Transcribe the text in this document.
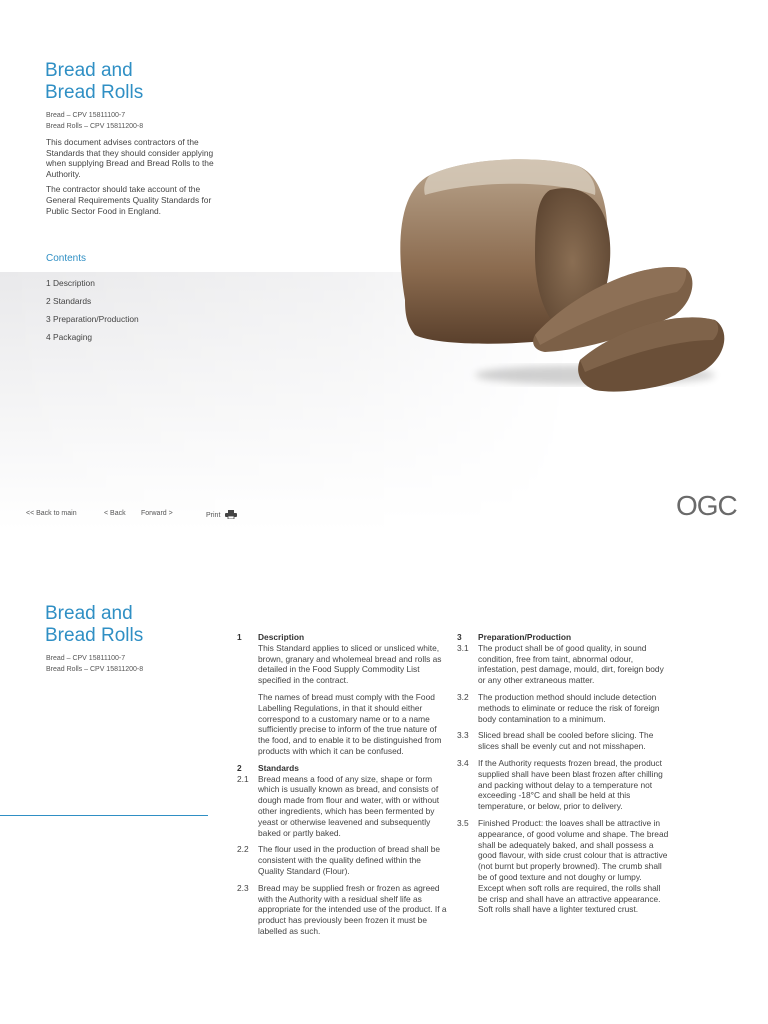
Bread and
Bread Rolls
Bread – CPV 15811100-7
Bread Rolls – CPV 15811200-8

This document advises contractors of the Standards that they should consider applying when supplying Bread and Bread Rolls to the Authority.

The contractor should take account of the General Requirements Quality Standards for Public Sector Food in England.

Contents
1 Description
2 Standards
3 Preparation/Production
4 Packaging
<< Back to main	< Back Forward >	Print	OGC
Bread and
Bread Rolls
Bread – CPV 15811100-7
Bread Rolls – CPV 15811200-8
1	Description
This Standard applies to sliced or unsliced white, brown, granary and wholemeal bread and rolls as detailed in the Food Supply Commodity List specified in the contract.
The names of bread must comply with the Food Labelling Regulations, in that it should either correspond to a customary name or to a name sufficiently precise to inform of the true nature of the food, and to enable it to be distinguished from products with which it can be confused.
2	Standards
2.1	Bread means a food of any size, shape or form which is usually known as bread, and consists of dough made from flour and water, with or without other ingredients, which has been fermented by yeast or otherwise leavened and subsequently baked or partly baked.
2.2	The flour used in the production of bread shall be consistent with the quality defined within the Quality Standard (Flour).
2.3	Bread may be supplied fresh or frozen as agreed with the Authority with a residual shelf life as appropriate for the intended use of the product. If a product has previously been frozen it must be labelled as such.
3	Preparation/Production
3.1	The product shall be of good quality, in sound condition, free from taint, abnormal odour, infestation, pest damage, mould, dirt, foreign body or any other extraneous matter.
3.2	The production method should include detection methods to eliminate or reduce the risk of foreign body contamination to a minimum.
3.3	Sliced bread shall be cooled before slicing. The slices shall be evenly cut and not misshapen.
3.4	If the Authority requests frozen bread, the product supplied shall have been blast frozen after chilling and packing without delay to a temperature not exceeding -18°C and shall be held at this temperature, or below, prior to delivery.
3.5	Finished Product: the loaves shall be attractive in appearance, of good volume and shape. The bread shall be adequately baked, and shall possess a good flavour, with side crust colour that is attractive (not burnt but properly browned). The crumb shall be of good texture and not doughy or lumpy. Except when soft rolls are required, the rolls shall be crisp and shall have an attractive appearance. Soft rolls shall have a lighter textured crust.
